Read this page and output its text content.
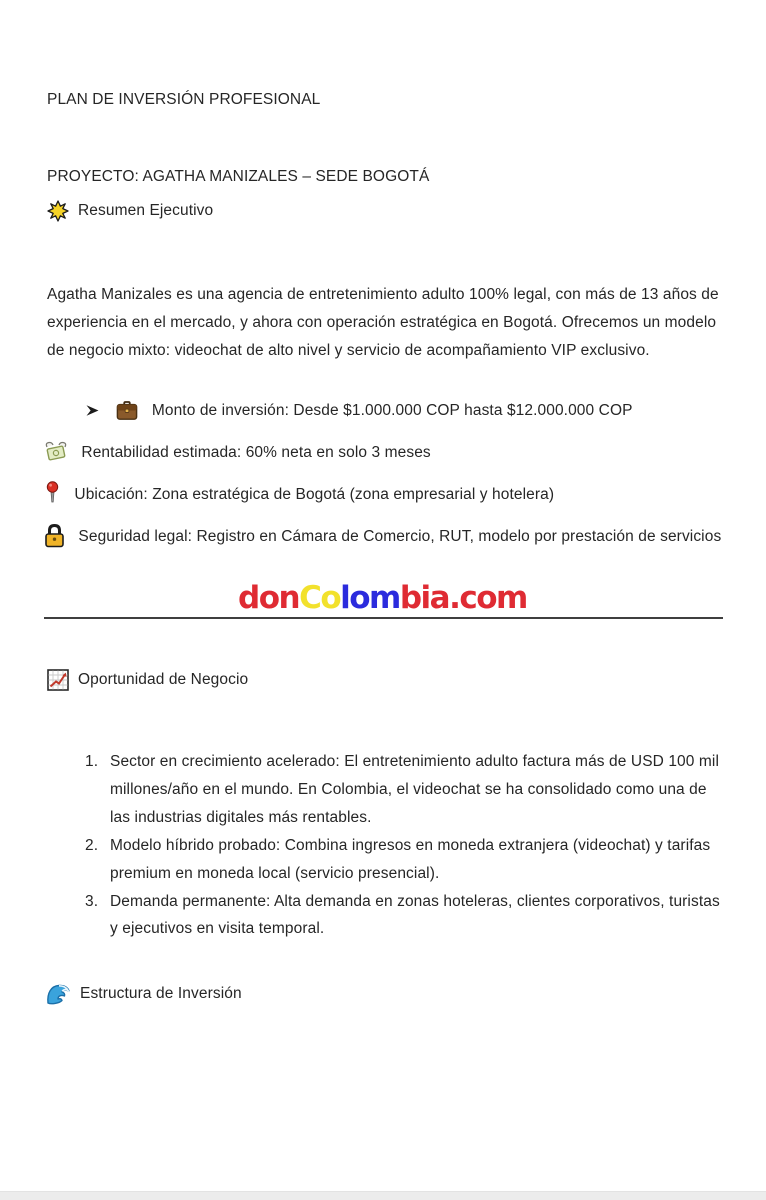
PLAN DE INVERSIÓN PROFESIONAL
PROYECTO: AGATHA MANIZALES – SEDE BOGOTÁ
Resumen Ejecutivo
Agatha Manizales es una agencia de entretenimiento adulto 100% legal, con más de 13 años de experiencia en el mercado, y ahora con operación estratégica en Bogotá. Ofrecemos un modelo de negocio mixto: videochat de alto nivel y servicio de acompañamiento VIP exclusivo.

Monto de inversión: Desde $1.000.000 COP hasta $12.000.000 COP
Rentabilidad estimada: 60% neta en solo 3 meses
Ubicación: Zona estratégica de Bogotá (zona empresarial y hotelera)
Seguridad legal: Registro en Cámara de Comercio, RUT, modelo por prestación de servicios
donColombia.com
Oportunidad de Negocio
1. Sector en crecimiento acelerado: El entretenimiento adulto factura más de USD 100 mil millones/año en el mundo. En Colombia, el videochat se ha consolidado como una de las industrias digitales más rentables.
2. Modelo híbrido probado: Combina ingresos en moneda extranjera (videochat) y tarifas premium en moneda local (servicio presencial).
3. Demanda permanente: Alta demanda en zonas hoteleras, clientes corporativos, turistas y ejecutivos en visita temporal.
Estructura de Inversión
